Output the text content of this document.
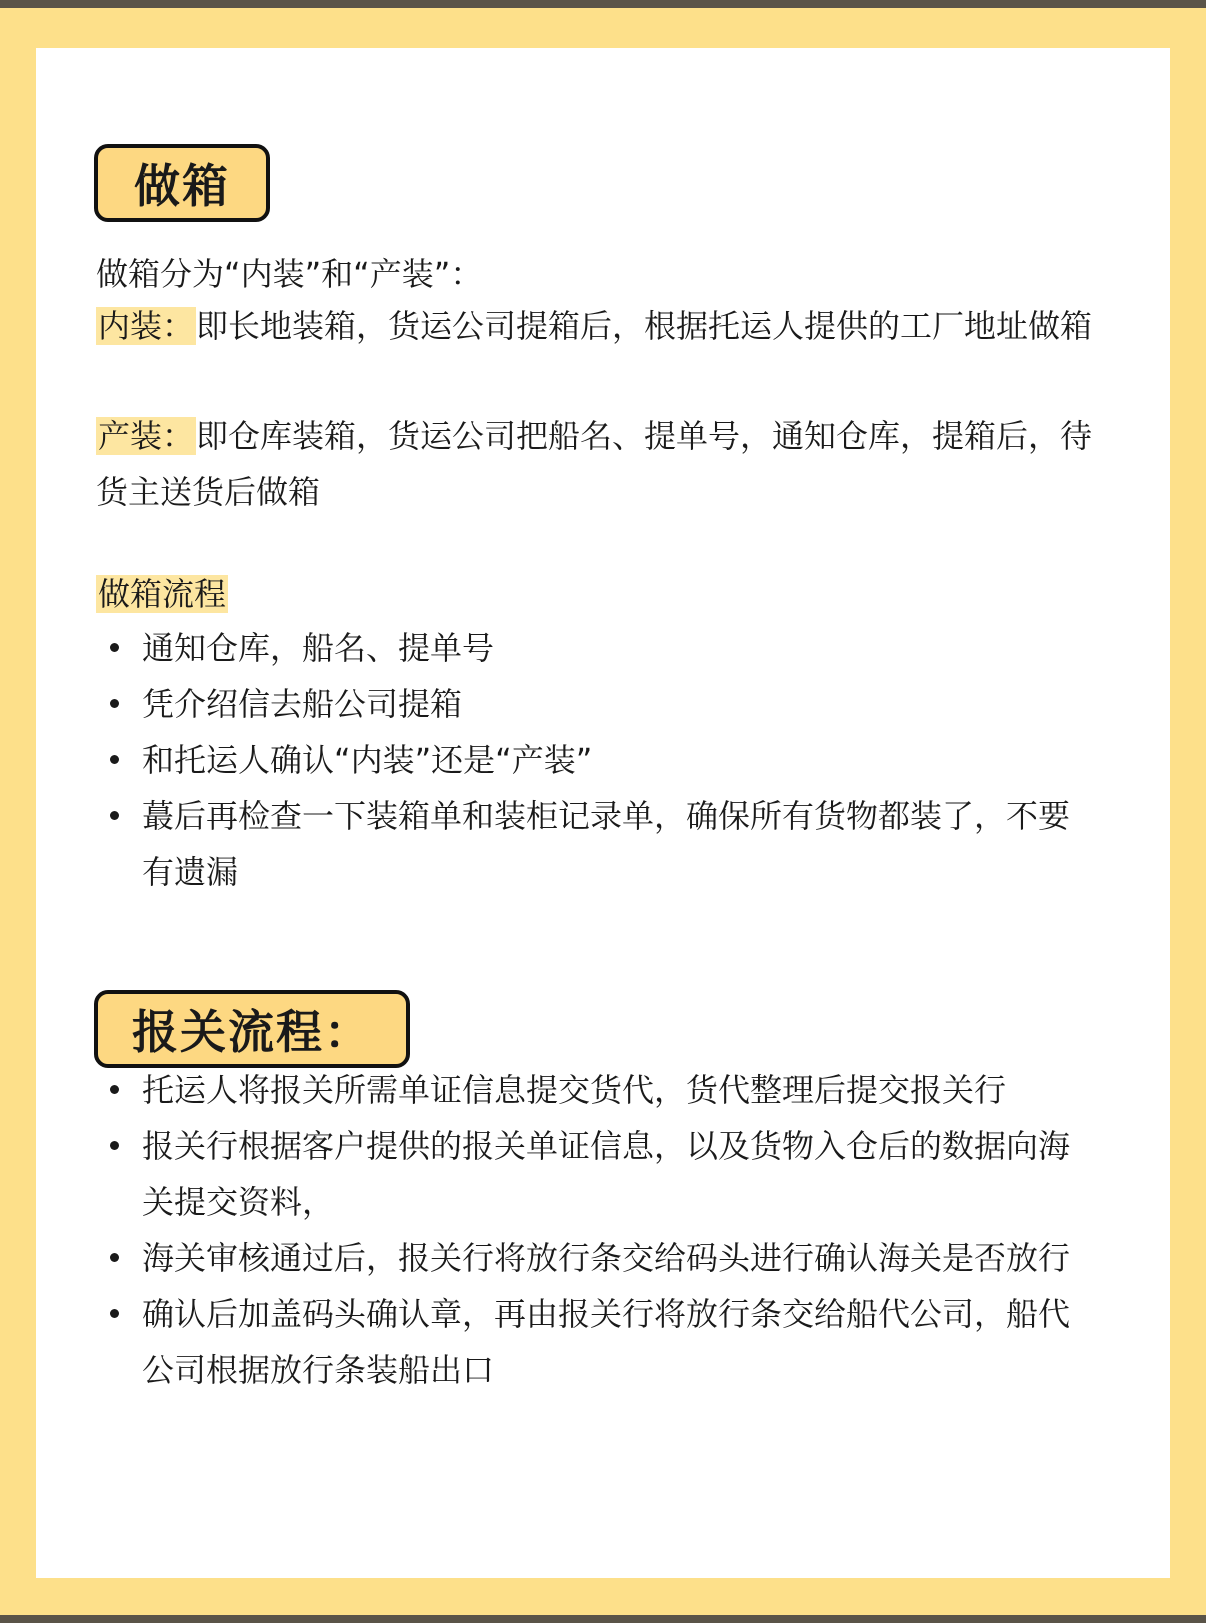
做箱
做箱分为“内装”和“产装”：
内装：即长地装箱，货运公司提箱后，根据托运人提供的工厂地址做箱
产装：即仓库装箱，货运公司把船名、提单号，通知仓库，提箱后，待货主送货后做箱
做箱流程
通知仓库，船名、提单号
凭介绍信去船公司提箱
和托运人确认“内装”还是“产装”
蕞后再检查一下装箱单和装柜记录单，确保所有货物都装了，不要有遗漏
报关流程：
托运人将报关所需单证信息提交货代，货代整理后提交报关行
报关行根据客户提供的报关单证信息，以及货物入仓后的数据向海关提交资料，
海关审核通过后，报关行将放行条交给码头进行确认海关是否放行
确认后加盖码头确认章，再由报关行将放行条交给船代公司，船代公司根据放行条装船出口
